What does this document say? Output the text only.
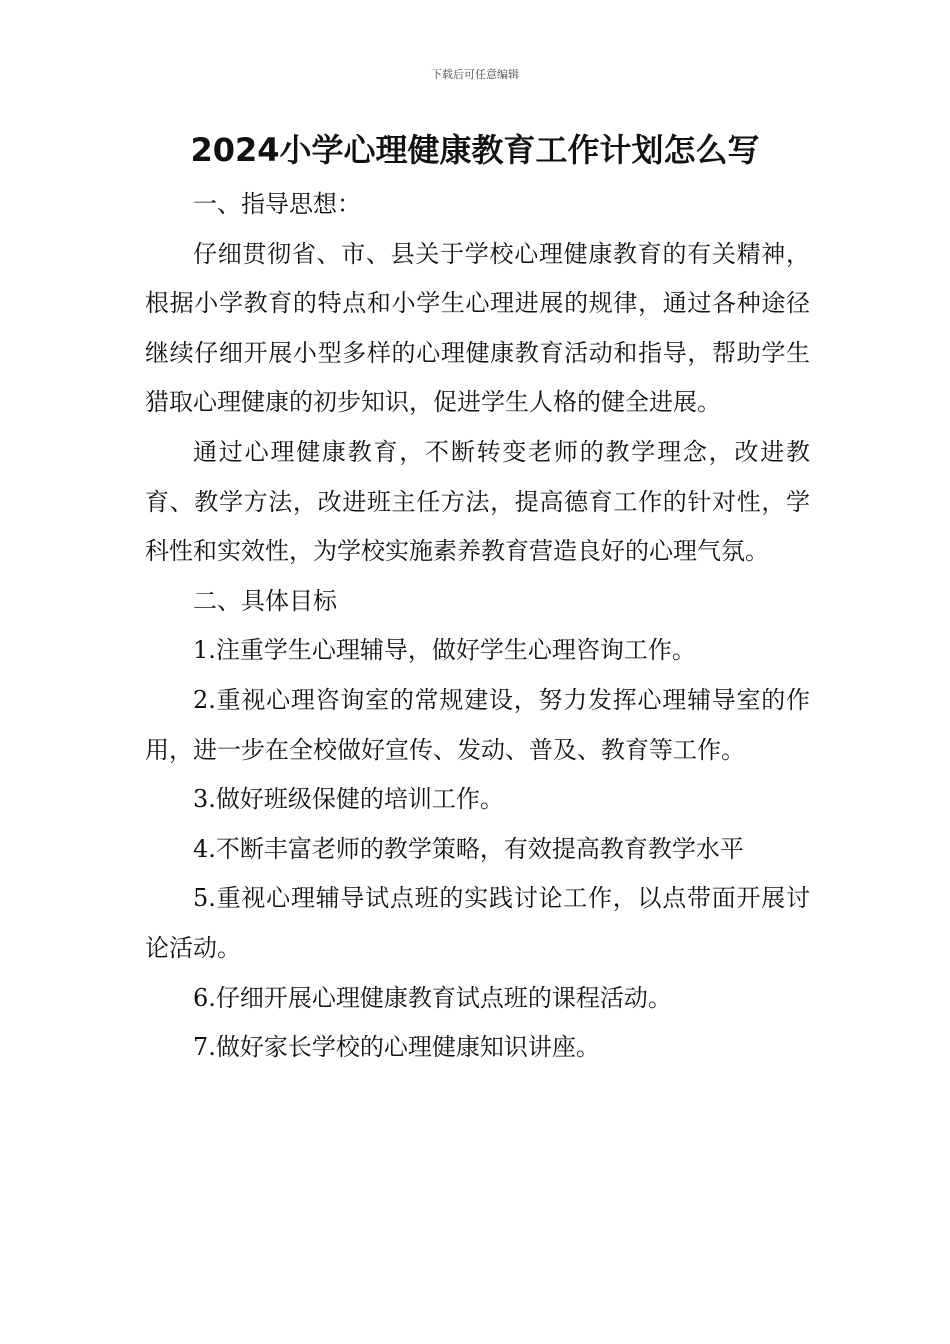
下载后可任意编辑
2024小学心理健康教育工作计划怎么写

一、指导思想：

仔细贯彻省、市、县关于学校心理健康教育的有关精神，根据小学教育的特点和小学生心理进展的规律，通过各种途径继续仔细开展小型多样的心理健康教育活动和指导，帮助学生猎取心理健康的初步知识，促进学生人格的健全进展。

通过心理健康教育，不断转变老师的教学理念，改进教育、教学方法，改进班主任方法，提高德育工作的针对性，学科性和实效性，为学校实施素养教育营造良好的心理气氛。

二、具体目标

1.注重学生心理辅导，做好学生心理咨询工作。

2.重视心理咨询室的常规建设，努力发挥心理辅导室的作用，进一步在全校做好宣传、发动、普及、教育等工作。

3.做好班级保健的培训工作。

4.不断丰富老师的教学策略，有效提高教育教学水平

5.重视心理辅导试点班的实践讨论工作，以点带面开展讨论活动。

6.仔细开展心理健康教育试点班的课程活动。

7.做好家长学校的心理健康知识讲座。
